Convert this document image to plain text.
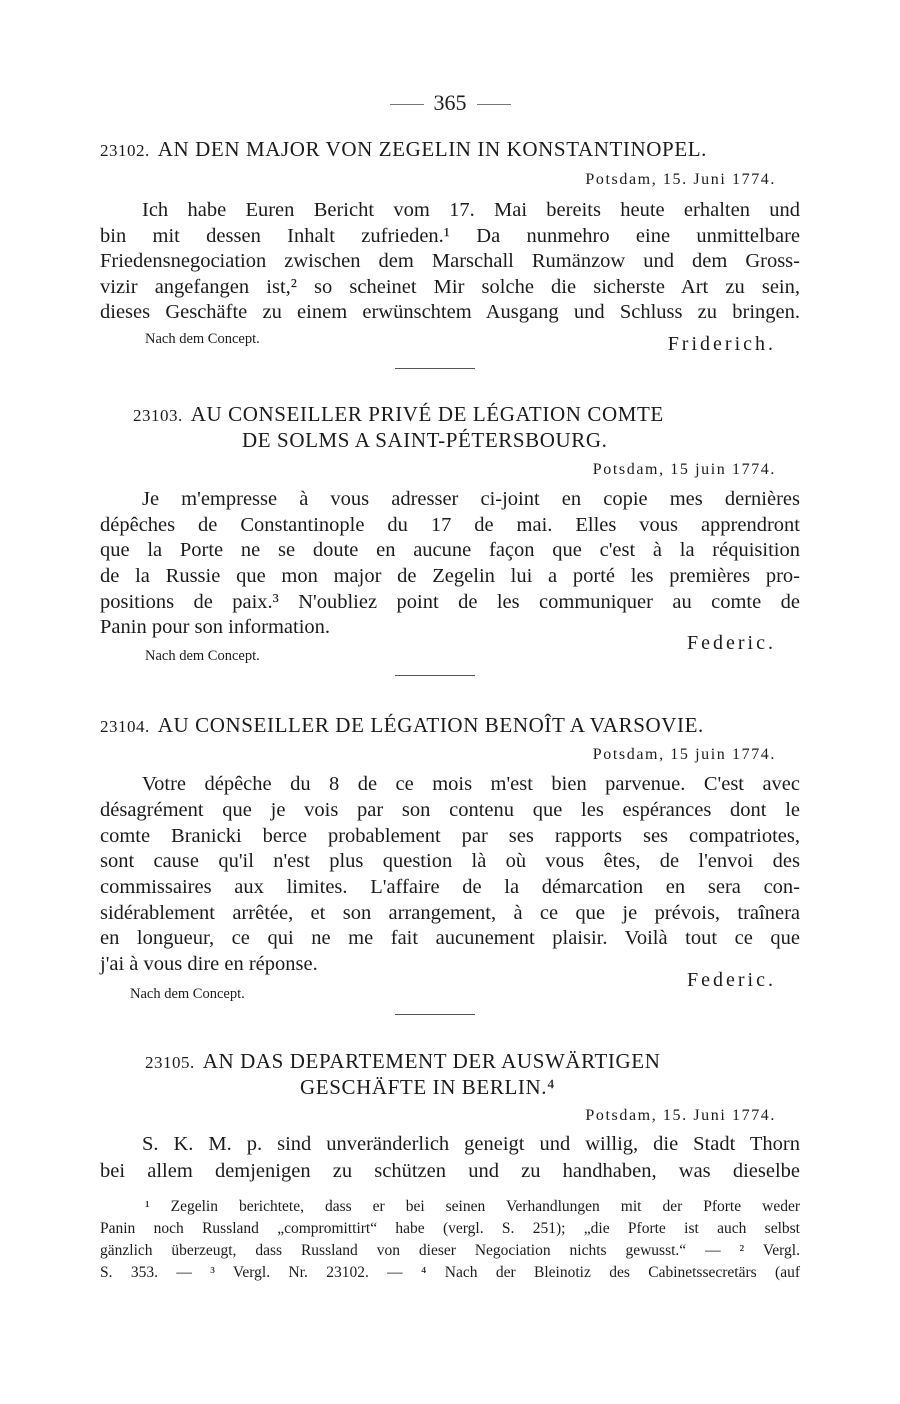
365
23102. AN DEN MAJOR VON ZEGELIN IN KONSTANTINOPEL.
Potsdam, 15. Juni 1774.
Ich habe Euren Bericht vom 17. Mai bereits heute erhalten und
bin mit dessen Inhalt zufrieden.¹ Da nunmehro eine unmittelbare
Friedensnegociation zwischen dem Marschall Rumänzow und dem Gross-
vizir angefangen ist,² so scheinet Mir solche die sicherste Art zu sein,
dieses Geschäfte zu einem erwünschtem Ausgang und Schluss zu bringen.
Nach dem Concept.	Friderich.
23103. AU CONSEILLER PRIVÉ DE LÉGATION COMTE
DE SOLMS A SAINT-PÉTERSBOURG.
Potsdam, 15 juin 1774.
Je m'empresse à vous adresser ci-joint en copie mes dernières
dépêches de Constantinople du 17 de mai. Elles vous apprendront
que la Porte ne se doute en aucune façon que c'est à la réquisition
de la Russie que mon major de Zegelin lui a porté les premières pro-
positions de paix.³ N'oubliez point de les communiquer au comte de
Panin pour son information.
Federic.
Nach dem Concept.
23104. AU CONSEILLER DE LÉGATION BENOÎT A VARSOVIE.
Potsdam, 15 juin 1774.
Votre dépêche du 8 de ce mois m'est bien parvenue. C'est avec
désagrément que je vois par son contenu que les espérances dont le
comte Branicki berce probablement par ses rapports ses compatriotes,
sont cause qu'il n'est plus question là où vous êtes, de l'envoi des
commissaires aux limites. L'affaire de la démarcation en sera con-
sidérablement arrêtée, et son arrangement, à ce que je prévois, traînera
en longueur, ce qui ne me fait aucunement plaisir. Voilà tout ce que
j'ai à vous dire en réponse.
Federic.
Nach dem Concept.
23105. AN DAS DEPARTEMENT DER AUSWÄRTIGEN
GESCHÄFTE IN BERLIN.⁴
Potsdam, 15. Juni 1774.
S. K. M. p. sind unveränderlich geneigt und willig, die Stadt Thorn
bei allem demjenigen zu schützen und zu handhaben, was dieselbe
¹ Zegelin berichtete, dass er bei seinen Verhandlungen mit der Pforte weder
Panin noch Russland „compromittirt“ habe (vergl. S. 251); „die Pforte ist auch selbst
gänzlich überzeugt, dass Russland von dieser Negociation nichts gewusst.“ — ² Vergl.
S. 353. — ³ Vergl. Nr. 23102. — ⁴ Nach der Bleinotiz des Cabinetssecretärs (auf
